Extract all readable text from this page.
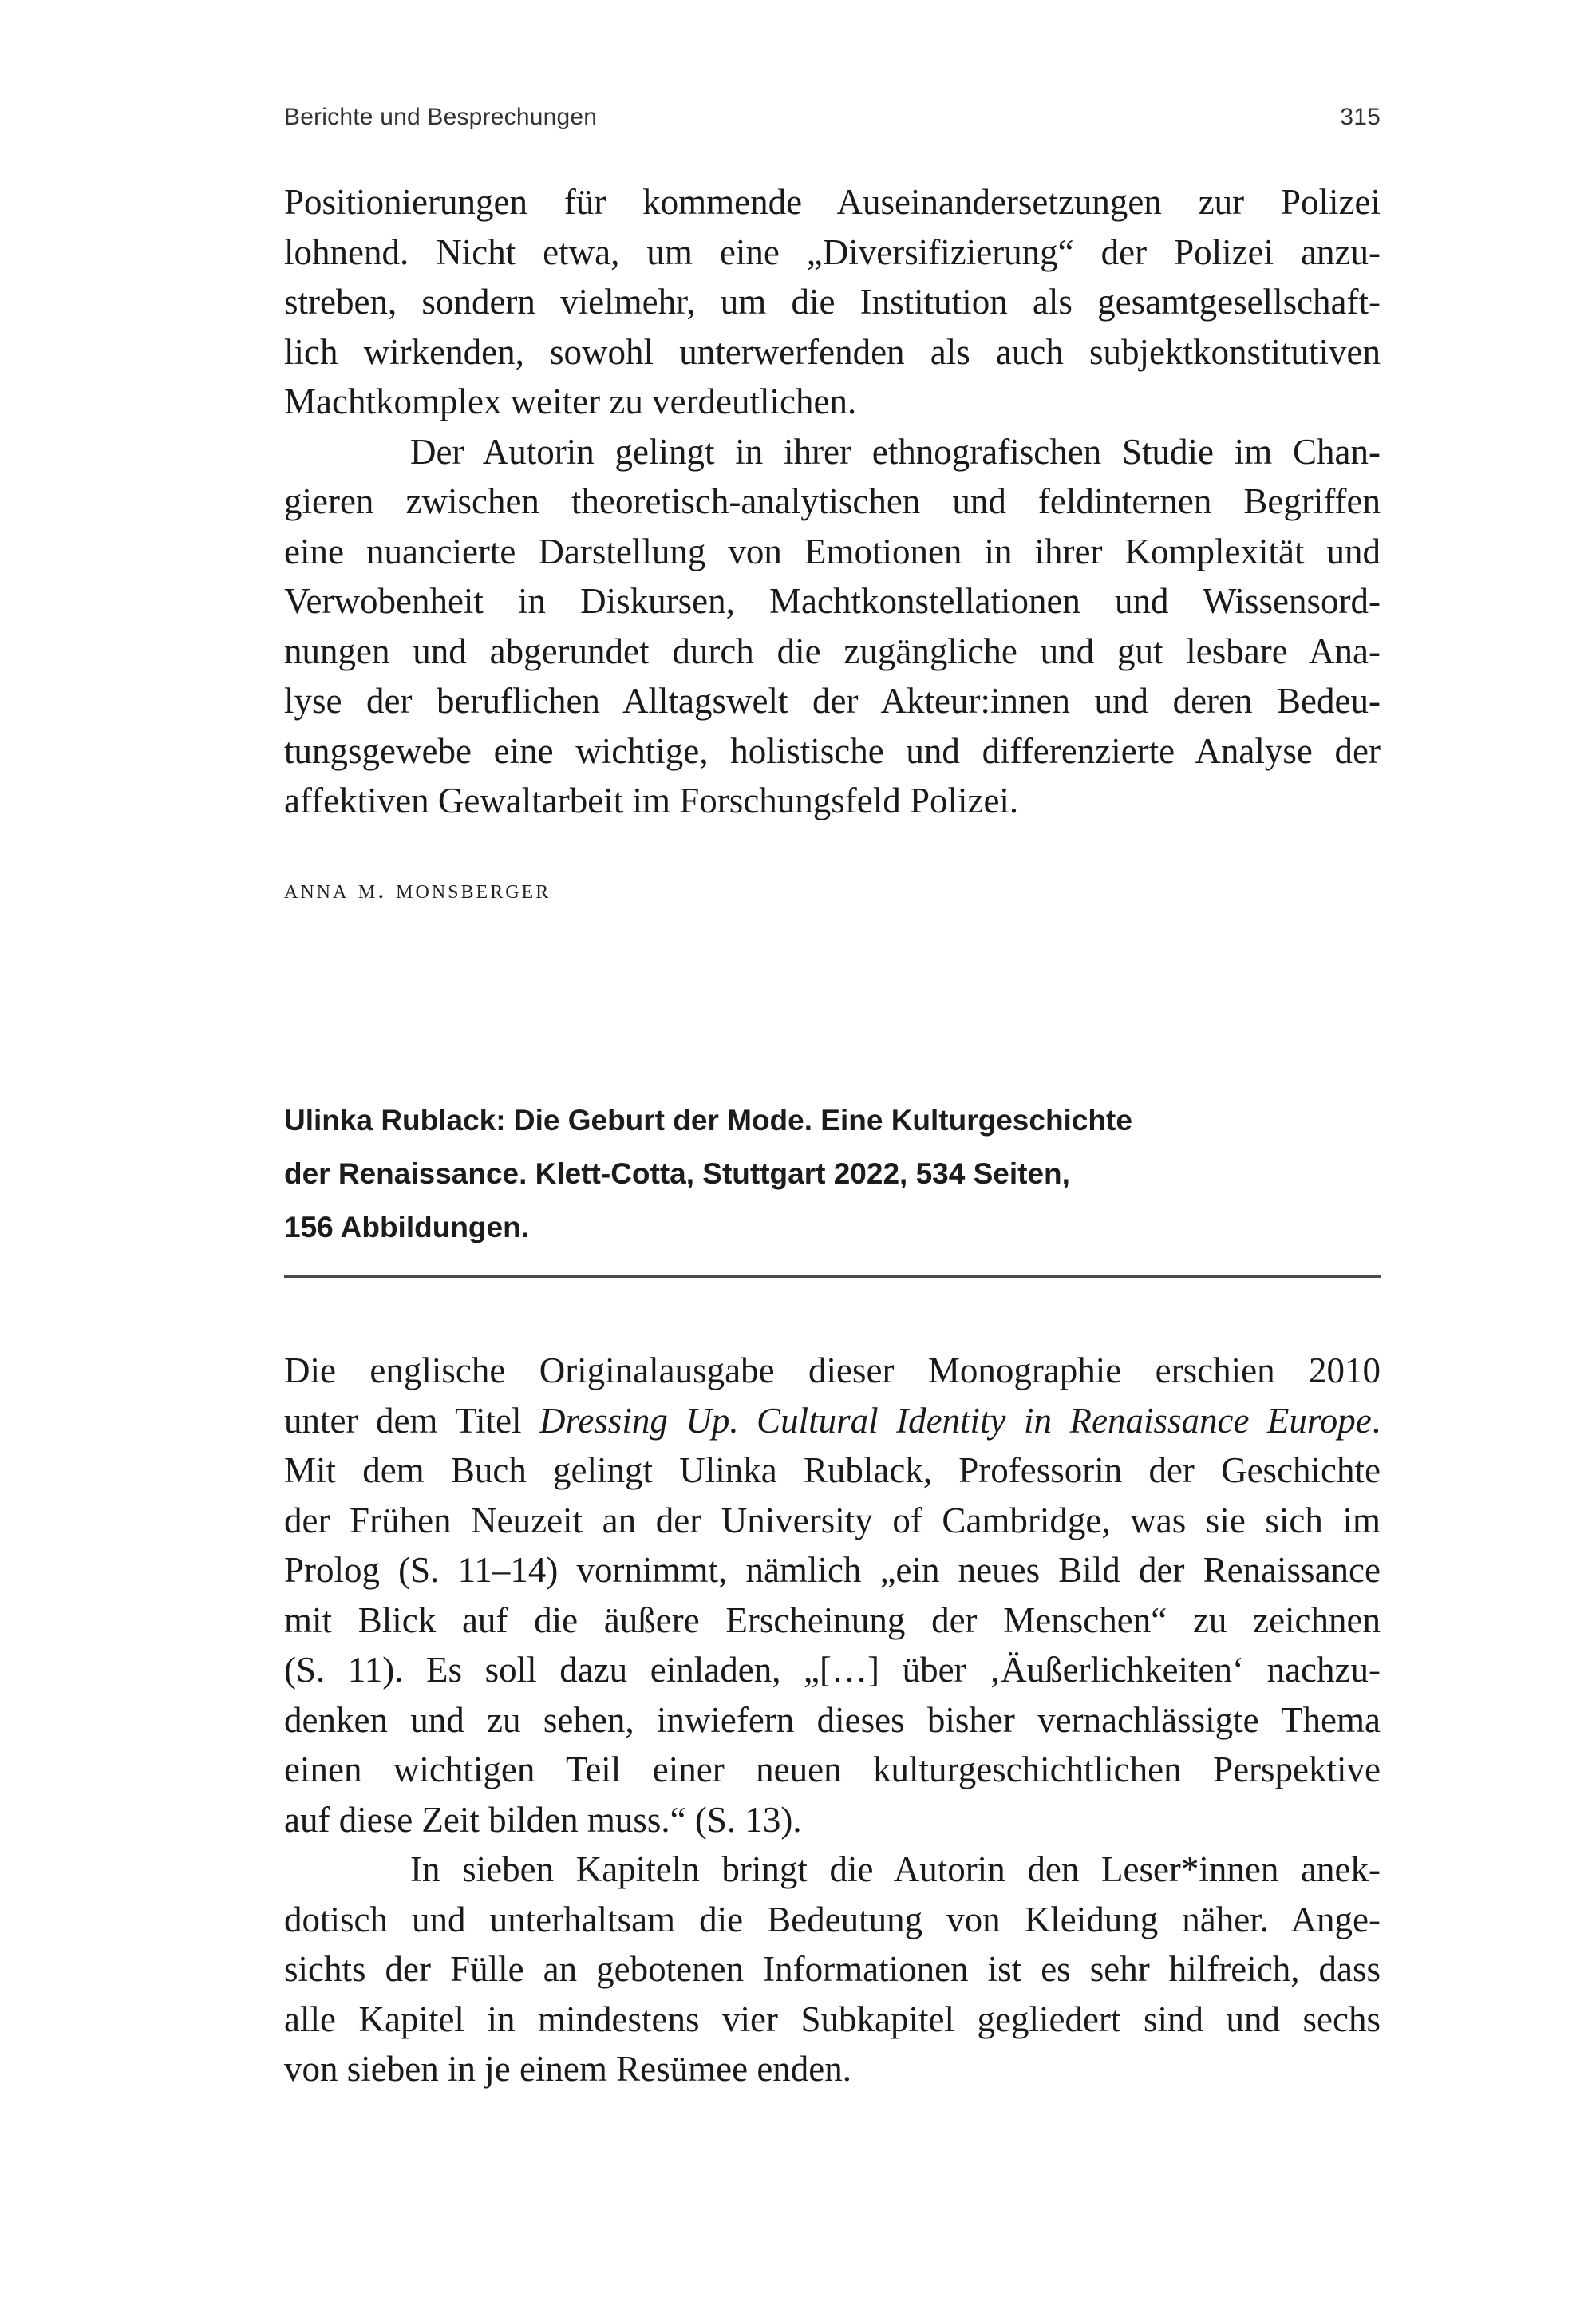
Berichte und Besprechungen	315
Positionierungen für kommende Auseinandersetzungen zur Polizei
lohnend. Nicht etwa, um eine „Diversifizierung“ der Polizei anzu-
streben, sondern vielmehr, um die Institution als gesamtgesellschaft-
lich wirkenden, sowohl unterwerfenden als auch subjektkonstitutiven
Machtkomplex weiter zu verdeutlichen.
Der Autorin gelingt in ihrer ethnografischen Studie im Chan-
gieren zwischen theoretisch-analytischen und feldinternen Begriffen
eine nuancierte Darstellung von Emotionen in ihrer Komplexität und
Verwobenheit in Diskursen, Machtkonstellationen und Wissensord-
nungen und abgerundet durch die zugängliche und gut lesbare Ana-
lyse der beruflichen Alltagswelt der Akteur:innen und deren Bedeu-
tungsgewebe eine wichtige, holistische und differenzierte Analyse der
affektiven Gewaltarbeit im Forschungsfeld Polizei.
anna m. monsberger
Ulinka Rublack: Die Geburt der Mode. Eine Kulturgeschichte
der Renaissance. Klett-Cotta, Stuttgart 2022, 534 Seiten,
156 Abbildungen.
Die englische Originalausgabe dieser Monographie erschien 2010
unter dem Titel Dressing Up. Cultural Identity in Renaissance Europe.
Mit dem Buch gelingt Ulinka Rublack, Professorin der Geschichte
der Frühen Neuzeit an der University of Cambridge, was sie sich im
Prolog (S. 11–14) vornimmt, nämlich „ein neues Bild der Renaissance
mit Blick auf die äußere Erscheinung der Menschen“ zu zeichnen
(S. 11). Es soll dazu einladen, „[…] über ‚Äußerlichkeiten‘ nachzu-
denken und zu sehen, inwiefern dieses bisher vernachlässigte Thema
einen wichtigen Teil einer neuen kulturgeschichtlichen Perspektive
auf diese Zeit bilden muss.“ (S. 13).
In sieben Kapiteln bringt die Autorin den Leser*innen anek-
dotisch und unterhaltsam die Bedeutung von Kleidung näher. Ange-
sichts der Fülle an gebotenen Informationen ist es sehr hilfreich, dass
alle Kapitel in mindestens vier Subkapitel gegliedert sind und sechs
von sieben in je einem Resümee enden.
